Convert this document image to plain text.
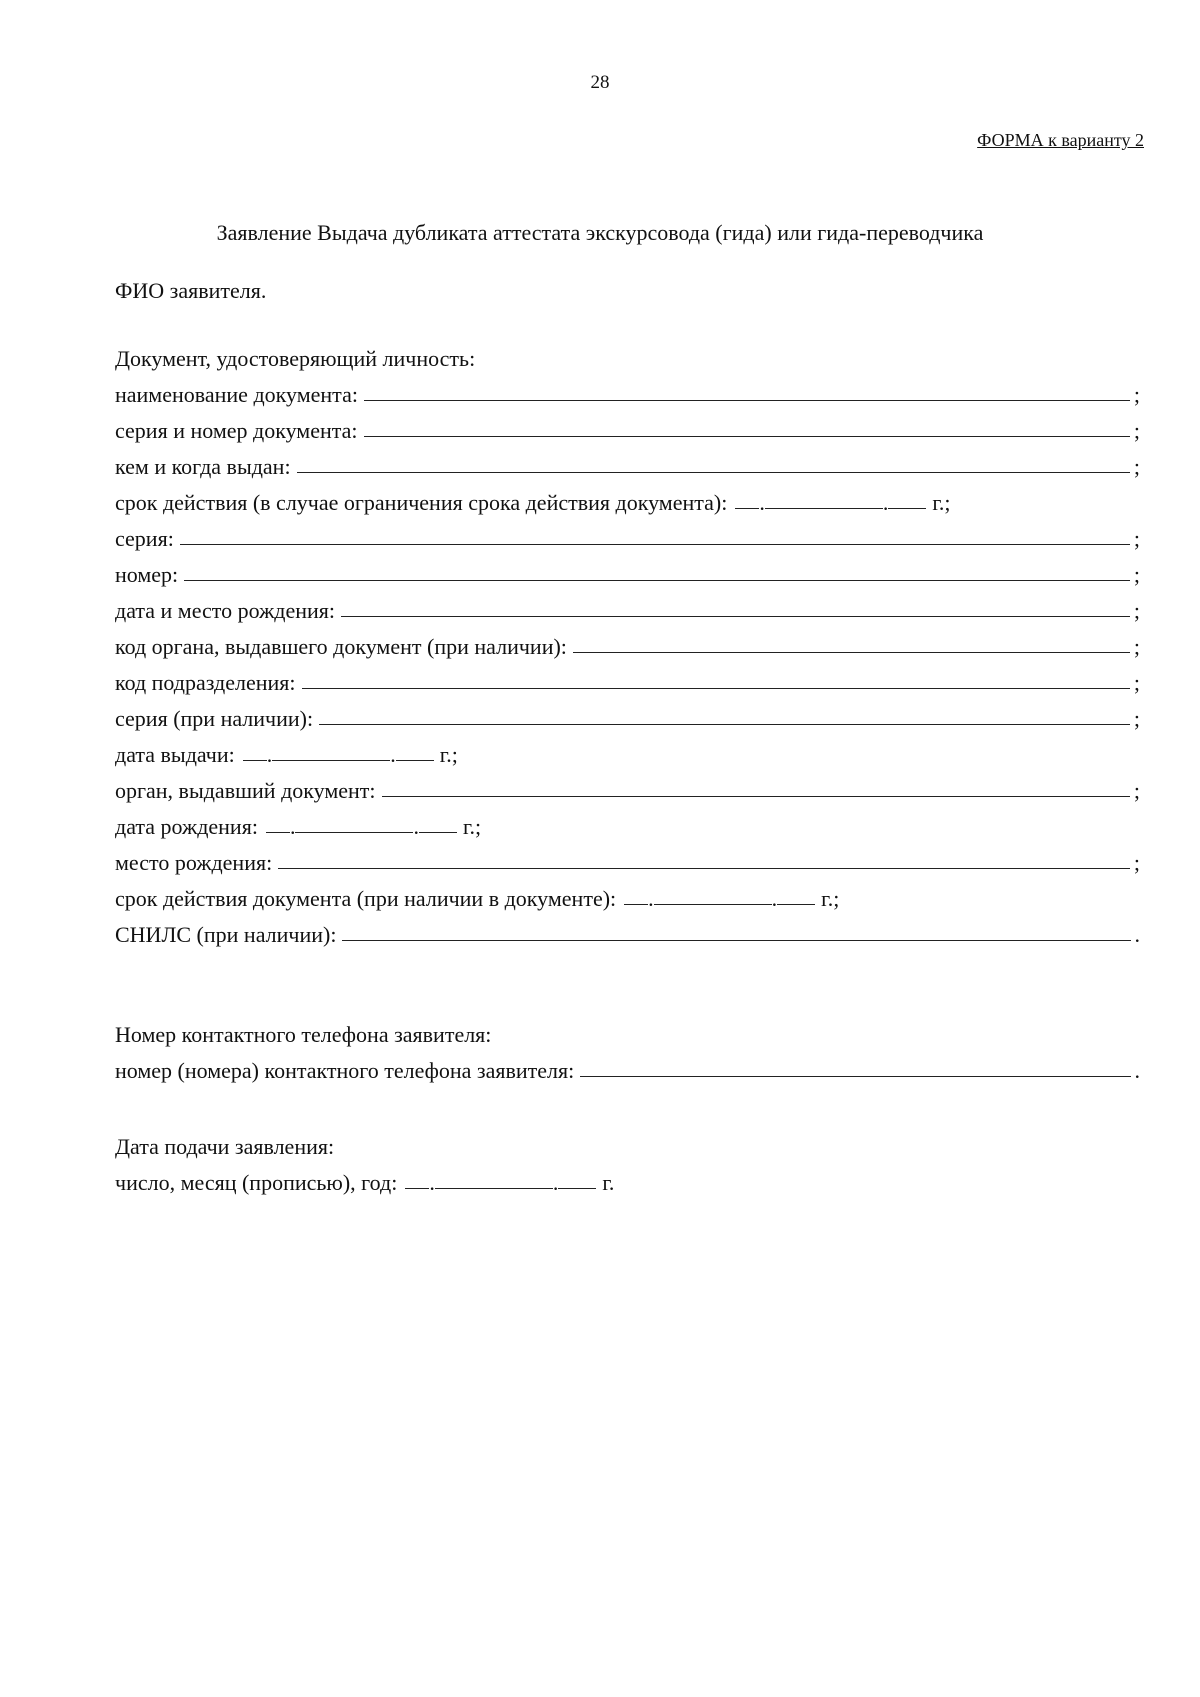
28
ФОРМА к варианту 2
Заявление Выдача дубликата аттестата экскурсовода (гида) или гида-переводчика
ФИО заявителя.
Документ, удостоверяющий личность:
наименование документа:	;
серия и номер документа:	;
кем и когда выдан:	;
срок действия (в случае ограничения срока действия документа): .	. г.;
серия:	;
номер:	;
дата и место рождения:	;
код органа, выдавшего документ (при наличии):	;
код подразделения:	;
серия (при наличии):	;
дата выдачи: .	. г.;
орган, выдавший документ:	;
дата рождения: .	. г.;
место рождения:	;
срок действия документа (при наличии в документе): .	. г.;
СНИЛС (при наличии):	.
Номер контактного телефона заявителя:
номер (номера) контактного телефона заявителя:	.
Дата подачи заявления:
число, месяц (прописью), год: .	. г.
